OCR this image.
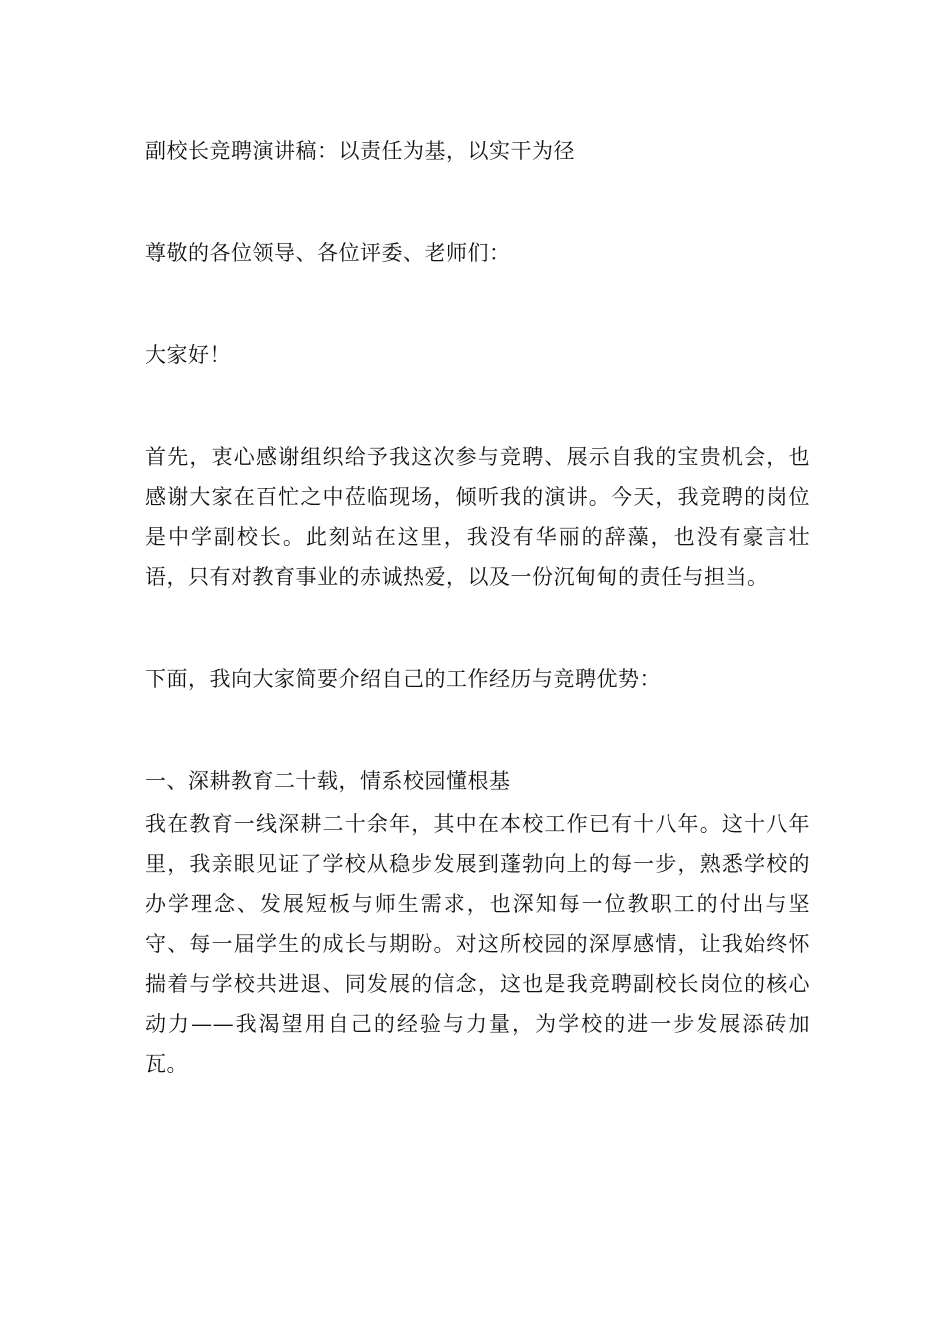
副校长竞聘演讲稿：以责任为基，以实干为径

尊敬的各位领导、各位评委、老师们：

大家好！

首先，衷心感谢组织给予我这次参与竞聘、展示自我的宝贵机会，也感谢大家在百忙之中莅临现场，倾听我的演讲。今天，我竞聘的岗位是中学副校长。此刻站在这里，我没有华丽的辞藻，也没有豪言壮语，只有对教育事业的赤诚热爱，以及一份沉甸甸的责任与担当。

下面，我向大家简要介绍自己的工作经历与竞聘优势：

一、深耕教育二十载，情系校园懂根基

我在教育一线深耕二十余年，其中在本校工作已有十八年。这十八年里，我亲眼见证了学校从稳步发展到蓬勃向上的每一步，熟悉学校的办学理念、发展短板与师生需求，也深知每一位教职工的付出与坚守、每一届学生的成长与期盼。对这所校园的深厚感情，让我始终怀揣着与学校共进退、同发展的信念，这也是我竞聘副校长岗位的核心动力——我渴望用自己的经验与力量，为学校的进一步发展添砖加瓦。
